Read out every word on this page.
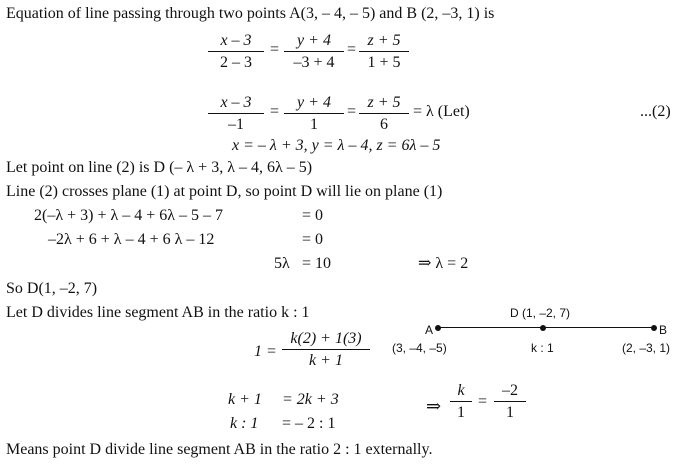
Equation of line passing through two points A(3, – 4, – 5) and B (2, –3, 1) is
$\frac{x - 3}{2 - 3} = \frac{y + 4}{-3 + 4} = \frac{z + 5}{1 + 5}$
$\frac{x - 3}{-1} = \frac{y + 4}{1} = \frac{z + 5}{6} = \lambda$ (Let)	...(2)
x = – λ + 3, y = λ – 4, z = 6λ – 5
Let point on line (2) is D (– λ + 3, λ – 4, 6λ – 5)
Line (2) crosses plane (1) at point D, so point D will lie on plane (1)
2(–λ + 3) + λ – 4 + 6λ – 5 – 7	= 0
–2λ + 6 + λ – 4 + 6 λ – 12	= 0
5λ = 10	⇒ λ = 2
So D(1, –2, 7)
Let D divides line segment AB in the ratio k : 1
$1 = \frac{k(2) + 1(3)}{k + 1}$	A	B
D (1, –2, 7)
(3, –4, –5)	k : 1	(2, –3, 1)
k + 1 = 2k + 3
k : 1 = – 2 : 1
⇒ $\frac{k}{1} = \frac{-2}{1}$
Means point D divide line segment AB in the ratio 2 : 1 externally.
